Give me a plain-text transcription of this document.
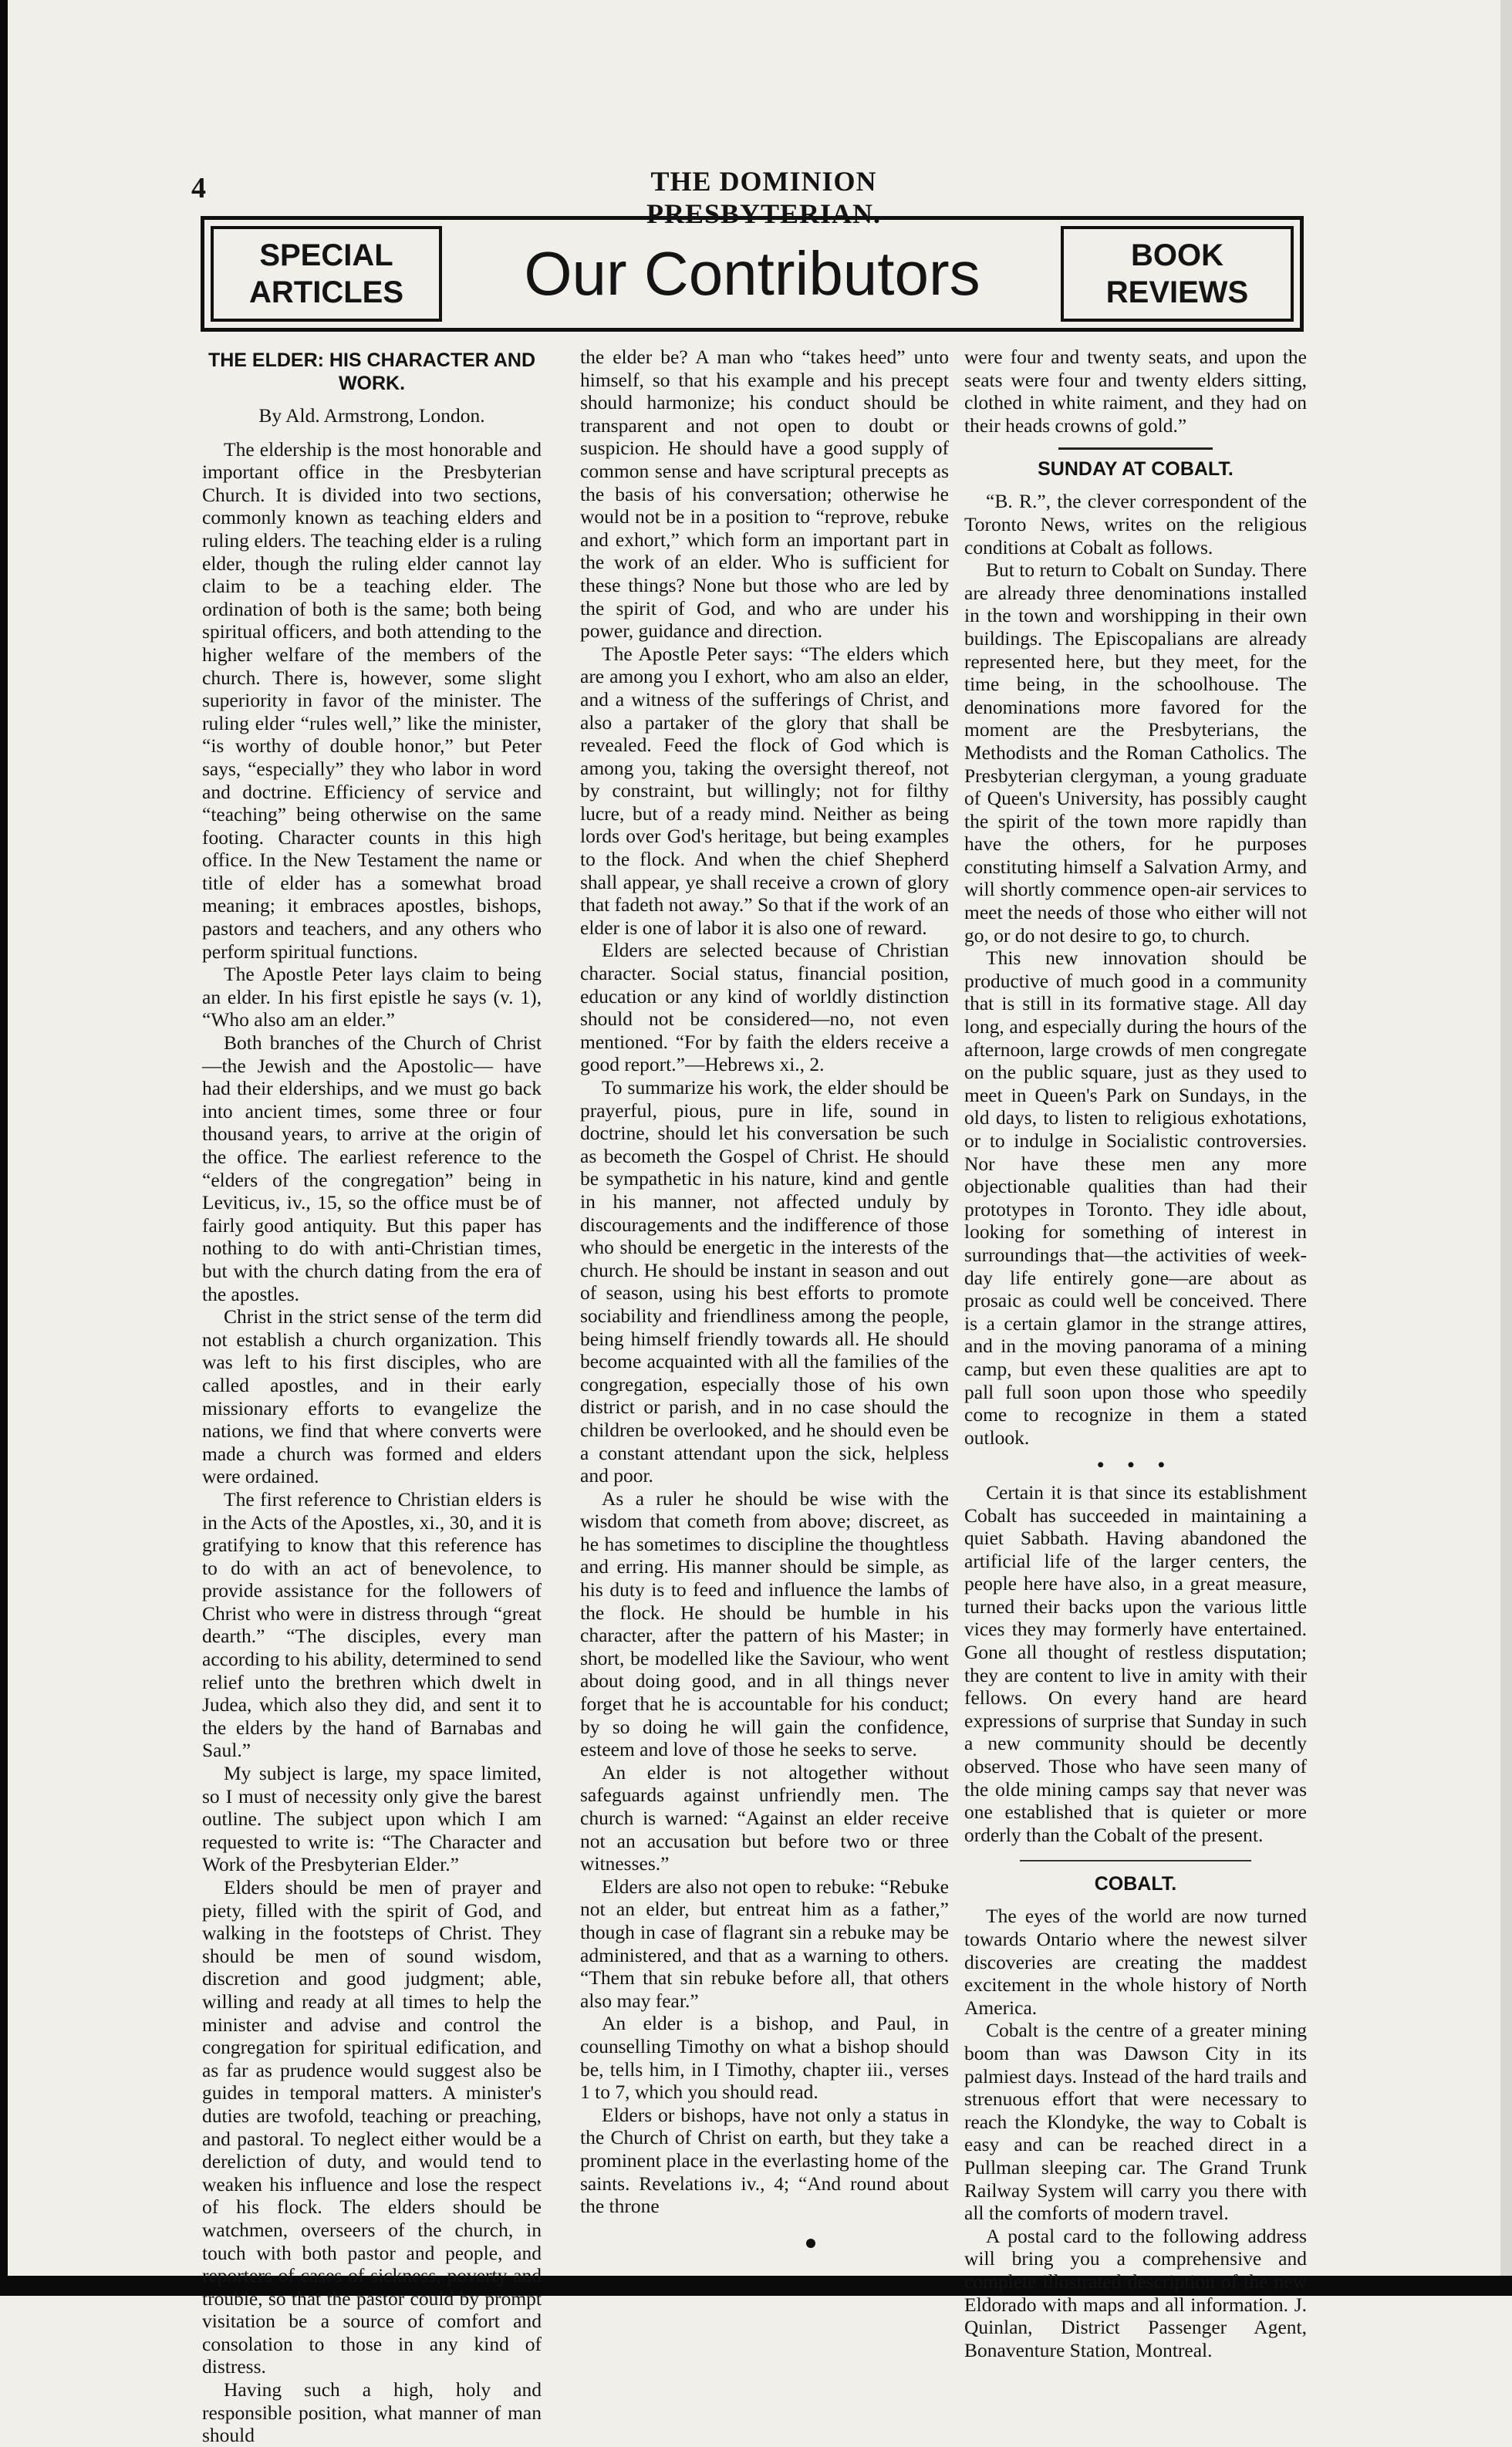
4	THE DOMINION PRESBYTERIAN.
SPECIAL
ARTICLES	Our Contributors	BOOK
REVIEWS
THE ELDER: HIS CHARACTER AND WORK.
By Ald. Armstrong, London.

The eldership is the most honorable and important office in the Presbyterian Church. It is divided into two sections, commonly known as teaching elders and ruling elders. The teaching elder is a ruling elder, though the ruling elder cannot lay claim to be a teaching elder. The ordination of both is the same; both being spiritual officers, and both attending to the higher welfare of the members of the church. There is, however, some slight superiority in favor of the minister. The ruling elder “rules well,” like the minister, “is worthy of double honor,” but Peter says, “especially” they who labor in word and doctrine. Efficiency of service and “teaching” being otherwise on the same footing. Character counts in this high office. In the New Testament the name or title of elder has a somewhat broad meaning; it embraces apostles, bishops, pastors and teachers, and any others who perform spiritual functions.

The Apostle Peter lays claim to being an elder. In his first epistle he says (v. 1), “Who also am an elder.”

Both branches of the Church of Christ—the Jewish and the Apostolic— have had their elderships, and we must go back into ancient times, some three or four thousand years, to arrive at the origin of the office. The earliest reference to the “elders of the congregation” being in Leviticus, iv., 15, so the office must be of fairly good antiquity. But this paper has nothing to do with anti-Christian times, but with the church dating from the era of the apostles.

Christ in the strict sense of the term did not establish a church organization. This was left to his first disciples, who are called apostles, and in their early missionary efforts to evangelize the nations, we find that where converts were made a church was formed and elders were ordained.

The first reference to Christian elders is in the Acts of the Apostles, xi., 30, and it is gratifying to know that this reference has to do with an act of benevolence, to provide assistance for the followers of Christ who were in distress through “great dearth.” “The disciples, every man according to his ability, determined to send relief unto the brethren which dwelt in Judea, which also they did, and sent it to the elders by the hand of Barnabas and Saul.”

My subject is large, my space limited, so I must of necessity only give the barest outline. The subject upon which I am requested to write is: “The Character and Work of the Presbyterian Elder.”

Elders should be men of prayer and piety, filled with the spirit of God, and walking in the footsteps of Christ. They should be men of sound wisdom, discretion and good judgment; able, willing and ready at all times to help the minister and advise and control the congregation for spiritual edification, and as far as prudence would suggest also be guides in temporal matters. A minister's duties are twofold, teaching or preaching, and pastoral. To neglect either would be a dereliction of duty, and would tend to weaken his influence and lose the respect of his flock. The elders should be watchmen, overseers of the church, in touch with both pastor and people, and reporters of cases of sickness, poverty and trouble, so that the pastor could by prompt visitation be a source of comfort and consolation to those in any kind of distress.

Having such a high, holy and responsible position, what manner of man should

the elder be? A man who “takes heed” unto himself, so that his example and his precept should harmonize; his conduct should be transparent and not open to doubt or suspicion. He should have a good supply of common sense and have scriptural precepts as the basis of his conversation; otherwise he would not be in a position to “reprove, rebuke and exhort,” which form an important part in the work of an elder. Who is sufficient for these things? None but those who are led by the spirit of God, and who are under his power, guidance and direction.

The Apostle Peter says: “The elders which are among you I exhort, who am also an elder, and a witness of the sufferings of Christ, and also a partaker of the glory that shall be revealed. Feed the flock of God which is among you, taking the oversight thereof, not by constraint, but willingly; not for filthy lucre, but of a ready mind. Neither as being lords over God's heritage, but being examples to the flock. And when the chief Shepherd shall appear, ye shall receive a crown of glory that fadeth not away.” So that if the work of an elder is one of labor it is also one of reward.

Elders are selected because of Christian character. Social status, financial position, education or any kind of worldly distinction should not be considered—no, not even mentioned. “For by faith the elders receive a good report.”—Hebrews xi., 2.

To summarize his work, the elder should be prayerful, pious, pure in life, sound in doctrine, should let his conversation be such as becometh the Gospel of Christ. He should be sympathetic in his nature, kind and gentle in his manner, not affected unduly by discouragements and the indifference of those who should be energetic in the interests of the church. He should be instant in season and out of season, using his best efforts to promote sociability and friendliness among the people, being himself friendly towards all. He should become acquainted with all the families of the congregation, especially those of his own district or parish, and in no case should the children be overlooked, and he should even be a constant attendant upon the sick, helpless and poor.

As a ruler he should be wise with the wisdom that cometh from above; discreet, as he has sometimes to discipline the thoughtless and erring. His manner should be simple, as his duty is to feed and influence the lambs of the flock. He should be humble in his character, after the pattern of his Master; in short, be modelled like the Saviour, who went about doing good, and in all things never forget that he is accountable for his conduct; by so doing he will gain the confidence, esteem and love of those he seeks to serve.

An elder is not altogether without safeguards against unfriendly men. The church is warned: “Against an elder receive not an accusation but before two or three witnesses.”

Elders are also not open to rebuke: “Rebuke not an elder, but entreat him as a father,” though in case of flagrant sin a rebuke may be administered, and that as a warning to others. “Them that sin rebuke before all, that others also may fear.”

An elder is a bishop, and Paul, in counselling Timothy on what a bishop should be, tells him, in I Timothy, chapter iii., verses 1 to 7, which you should read.

Elders or bishops, have not only a status in the Church of Christ on earth, but they take a prominent place in the everlasting home of the saints. Revelations iv., 4; “And round about the throne

were four and twenty seats, and upon the seats were four and twenty elders sitting, clothed in white raiment, and they had on their heads crowns of gold.”

SUNDAY AT COBALT.

“B. R.”, the clever correspondent of the Toronto News, writes on the religious conditions at Cobalt as follows.

But to return to Cobalt on Sunday. There are already three denominations installed in the town and worshipping in their own buildings. The Episcopalians are already represented here, but they meet, for the time being, in the schoolhouse. The denominations more favored for the moment are the Presbyterians, the Methodists and the Roman Catholics. The Presbyterian clergyman, a young graduate of Queen's University, has possibly caught the spirit of the town more rapidly than have the others, for he purposes constituting himself a Salvation Army, and will shortly commence open-air services to meet the needs of those who either will not go, or do not desire to go, to church.

This new innovation should be productive of much good in a community that is still in its formative stage. All day long, and especially during the hours of the afternoon, large crowds of men congregate on the public square, just as they used to meet in Queen's Park on Sundays, in the old days, to listen to religious exhotations, or to indulge in Socialistic controversies. Nor have these men any more objectionable qualities than had their prototypes in Toronto. They idle about, looking for something of interest in surroundings that—the activities of week-day life entirely gone—are about as prosaic as could well be conceived. There is a certain glamor in the strange attires, and in the moving panorama of a mining camp, but even these qualities are apt to pall full soon upon those who speedily come to recognize in them a stated outlook.

• • •

Certain it is that since its establishment Cobalt has succeeded in maintaining a quiet Sabbath. Having abandoned the artificial life of the larger centers, the people here have also, in a great measure, turned their backs upon the various little vices they may formerly have entertained. Gone all thought of restless disputation; they are content to live in amity with their fellows. On every hand are heard expressions of surprise that Sunday in such a new community should be decently observed. Those who have seen many of the olde mining camps say that never was one established that is quieter or more orderly than the Cobalt of the present.

COBALT.

The eyes of the world are now turned towards Ontario where the newest silver discoveries are creating the maddest excitement in the whole history of North America.

Cobalt is the centre of a greater mining boom than was Dawson City in its palmiest days. Instead of the hard trails and strenuous effort that were necessary to reach the Klondyke, the way to Cobalt is easy and can be reached direct in a Pullman sleeping car. The Grand Trunk Railway System will carry you there with all the comforts of modern travel.

A postal card to the following address will bring you a comprehensive and complete illustrated description of the new Eldorado with maps and all information. J. Quinlan, District Passenger Agent, Bonaventure Station, Montreal.
